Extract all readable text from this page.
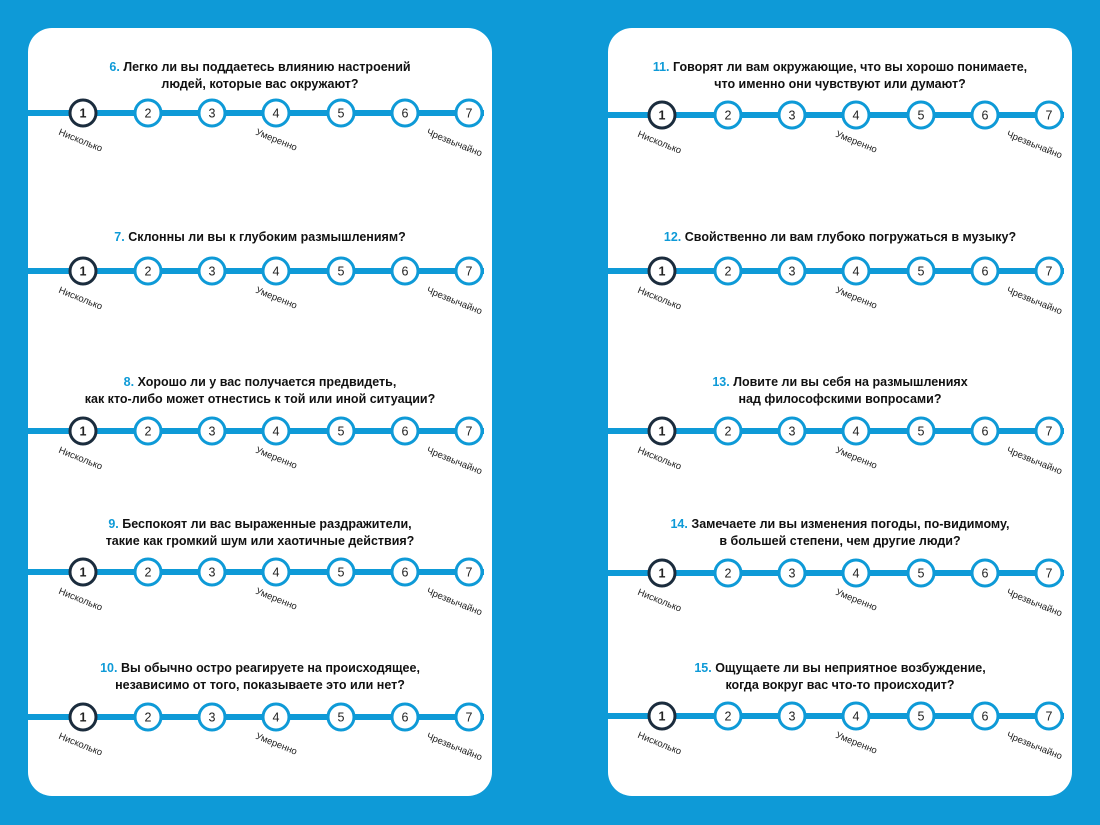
6. Легко ли вы поддаетесь влиянию настроений
людей, которые вас окружают?
1	2	3	4	5	6	7
Нисколько	Умеренно	Чрезвычайно
7. Склонны ли вы к глубоким размышлениям?
1	2	3	4	5	6	7
Нисколько	Умеренно	Чрезвычайно
8. Хорошо ли у вас получается предвидеть,
как кто-либо может отнестись к той или иной ситуации?
1	2	3	4	5	6	7
Нисколько	Умеренно	Чрезвычайно
9. Беспокоят ли вас выраженные раздражители,
такие как громкий шум или хаотичные действия?
1	2	3	4	5	6	7
Нисколько	Умеренно	Чрезвычайно
10. Вы обычно остро реагируете на происходящее,
независимо от того, показываете это или нет?
1	2	3	4	5	6	7
Нисколько	Умеренно	Чрезвычайно
11. Говорят ли вам окружающие, что вы хорошо понимаете,
что именно они чувствуют или думают?
1	2	3	4	5	6	7
Нисколько	Умеренно	Чрезвычайно
12. Свойственно ли вам глубоко погружаться в музыку?
1	2	3	4	5	6	7
Нисколько	Умеренно	Чрезвычайно
13. Ловите ли вы себя на размышлениях
над философскими вопросами?
1	2	3	4	5	6	7
Нисколько	Умеренно	Чрезвычайно
14. Замечаете ли вы изменения погоды, по-видимому,
в большей степени, чем другие люди?
1	2	3	4	5	6	7
Нисколько	Умеренно	Чрезвычайно
15. Ощущаете ли вы неприятное возбуждение,
когда вокруг вас что-то происходит?
1	2	3	4	5	6	7
Нисколько	Умеренно	Чрезвычайно
